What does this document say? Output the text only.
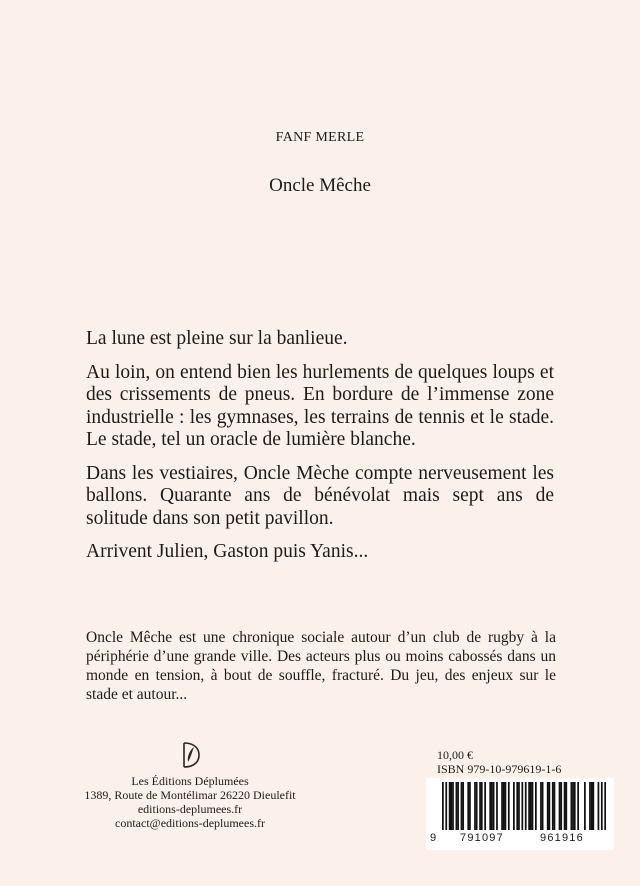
FANF MERLE
Oncle Mêche

La lune est pleine sur la banlieue.

Au loin, on entend bien les hurlements de quelques loups et des crissements de pneus. En bordure de l’immense zone industrielle : les gymnases, les terrains de tennis et le stade. Le stade, tel un oracle de lumière blanche.

Dans les vestiaires, Oncle Mèche compte nerveusement les ballons. Quarante ans de bénévolat mais sept ans de solitude dans son petit pavillon.

Arrivent Julien, Gaston puis Yanis...

Oncle Mêche est une chronique sociale autour d’un club de rugby à la périphérie d’une grande ville. Des acteurs plus ou moins cabossés dans un monde en tension, à bout de souffle, fracturé. Du jeu, des enjeux sur le stade et autour...

Les Éditions Déplumées
1389, Route de Montélimar 26220 Dieulefit
editions-deplumees.fr
contact@editions-deplumees.fr
10,00 €
ISBN 979-10-979619-1-6
9 791097	961916
